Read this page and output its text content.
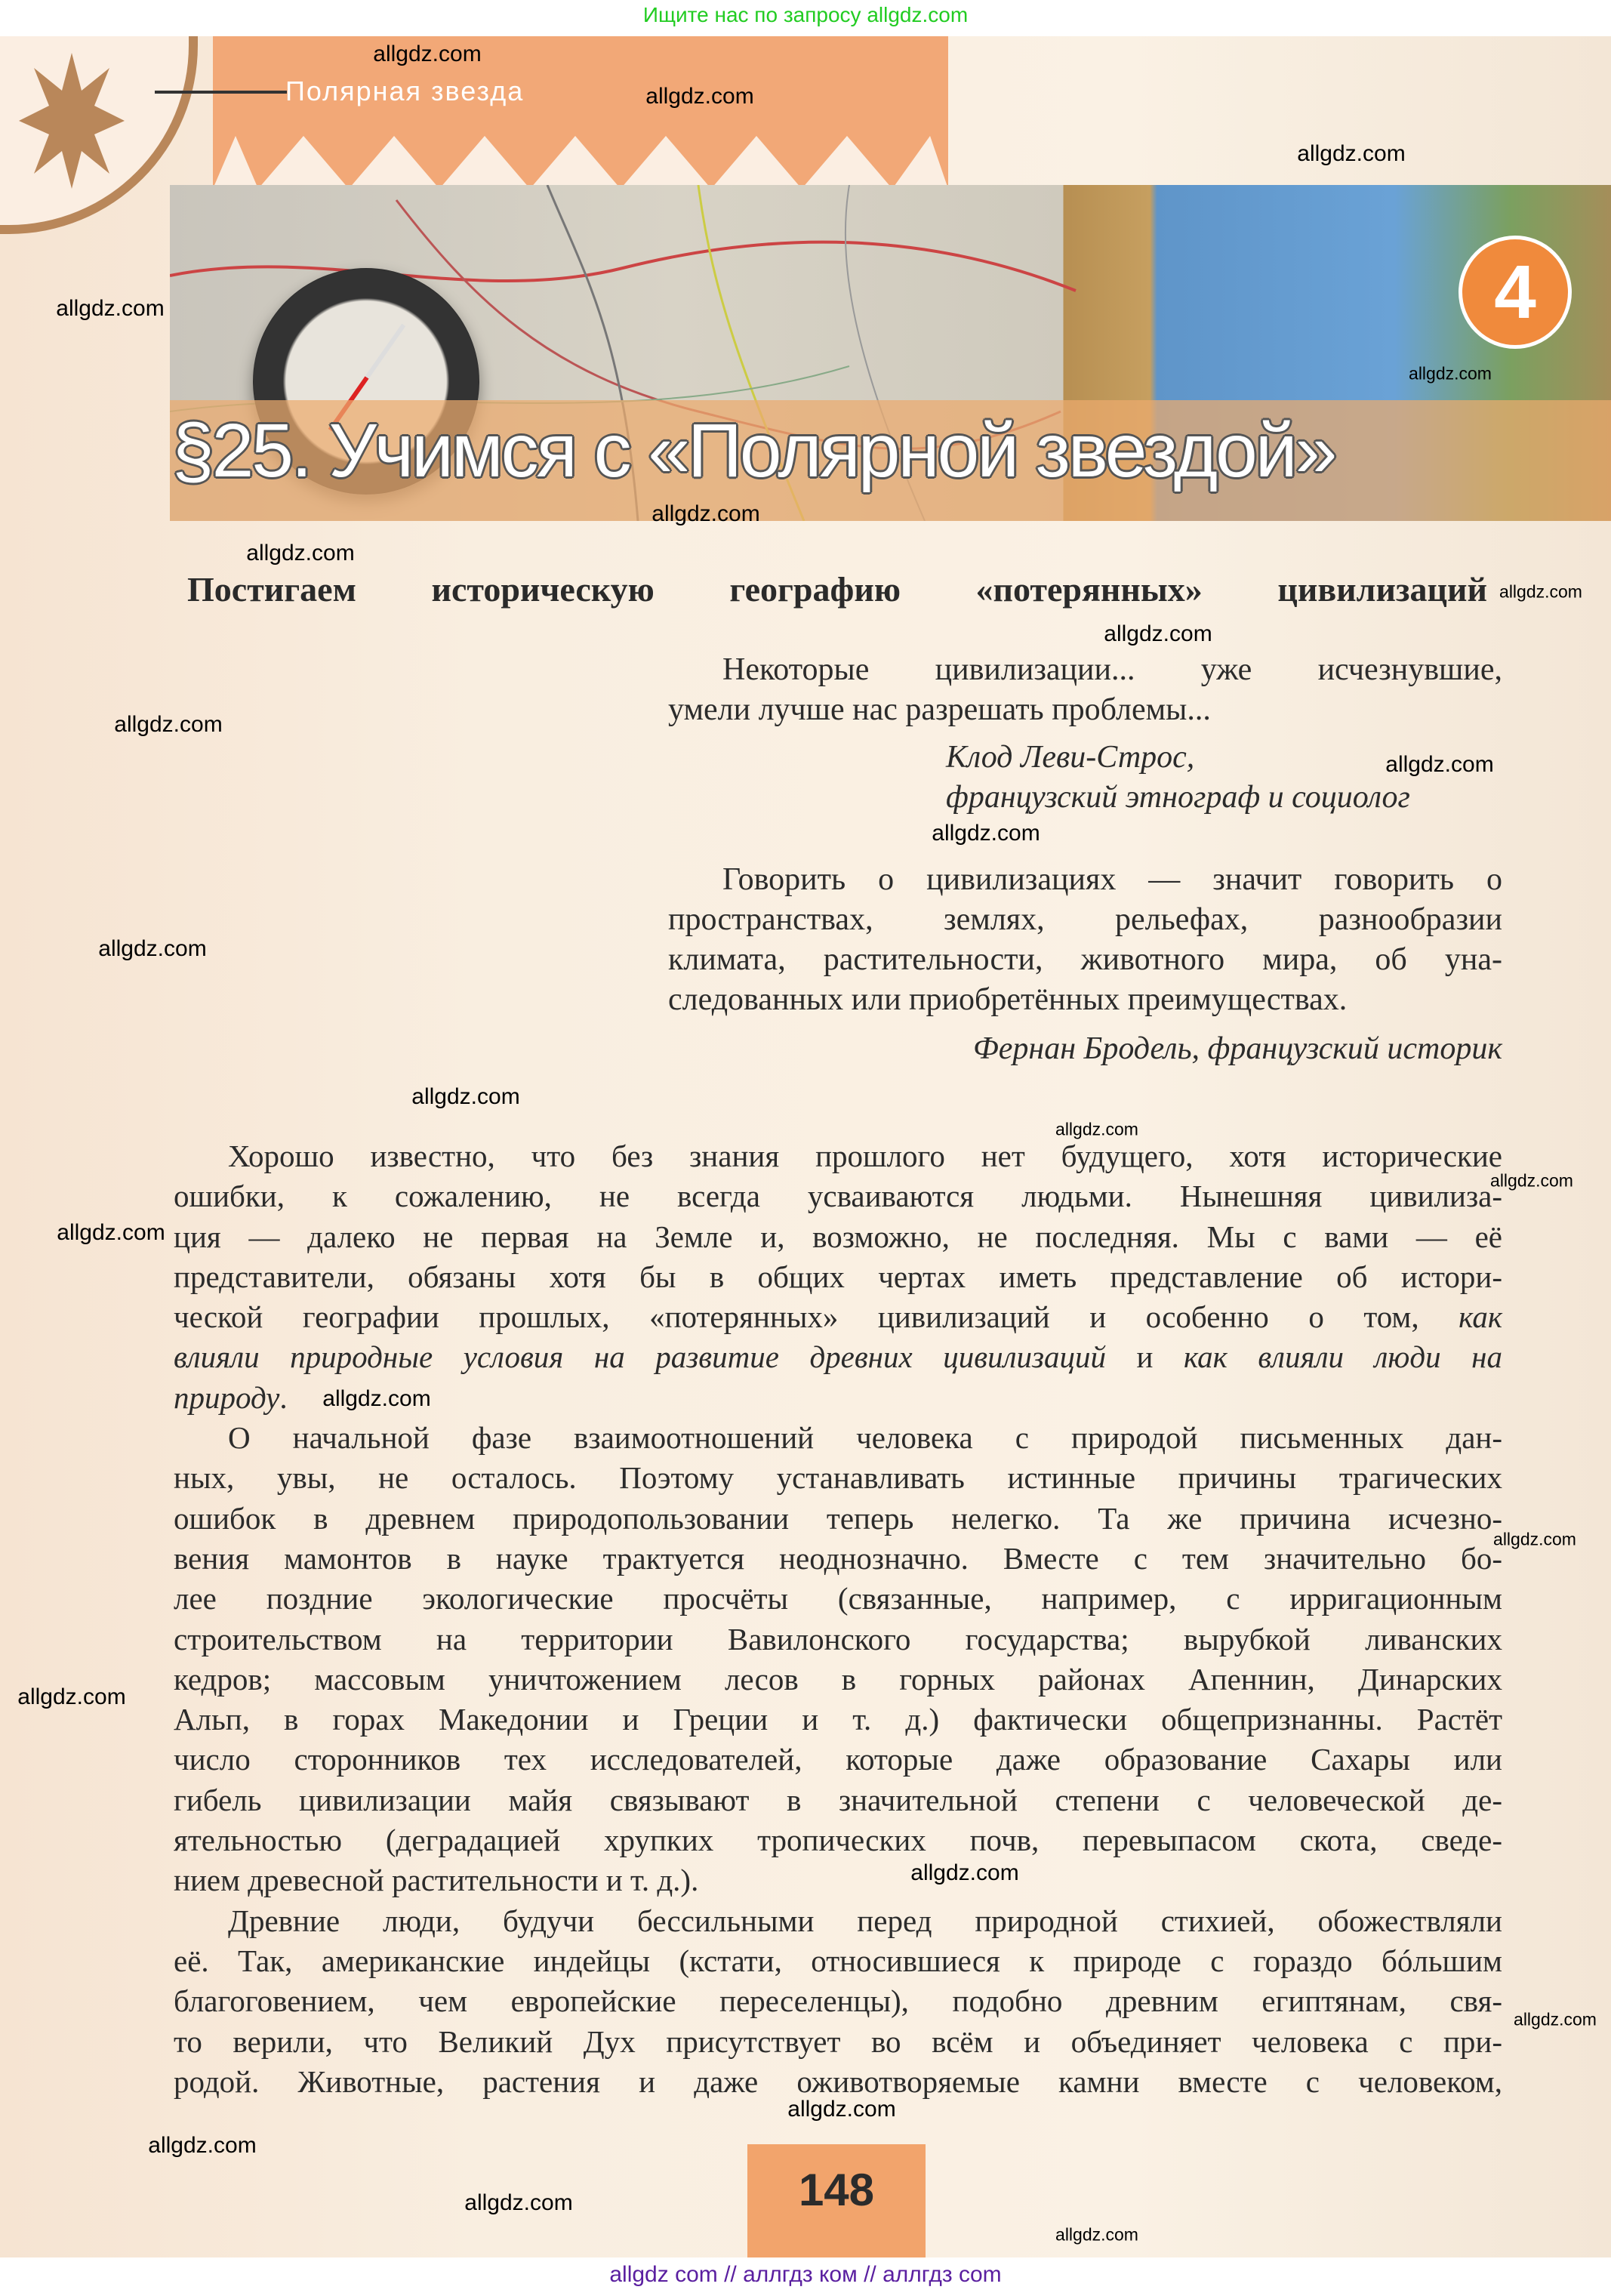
Ищите нас по запросу allgdz.com
Полярная звезда
4
§25. Учимся с «Полярной звездой»
Постигаем историческую географию «потерянных» цивилизаций
Некоторые цивилизации... уже исчезнувшие,
умели лучше нас разрешать проблемы...
Клод Леви-Строс,
французский этнограф и социолог
Говорить о цивилизациях — значит говорить о
пространствах, землях, рельефах, разнообразии
климата, растительности, животного мира, об уна-
следованных или приобретённых преимуществах.
Фернан Бродель, французский историк
Хорошо известно, что без знания прошлого нет будущего, хотя исторические
ошибки, к сожалению, не всегда усваиваются людьми. Нынешняя цивилиза-
ция — далеко не первая на Земле и, возможно, не последняя. Мы с вами — её
представители, обязаны хотя бы в общих чертах иметь представление об истори-
ческой географии прошлых, «потерянных» цивилизаций и особенно о том, как
влияли природные условия на развитие древних цивилизаций и как влияли люди на
природу.
О начальной фазе взаимоотношений человека с природой письменных дан-
ных, увы, не осталось. Поэтому устанавливать истинные причины трагических
ошибок в древнем природопользовании теперь нелегко. Та же причина исчезно-
вения мамонтов в науке трактуется неоднозначно. Вместе с тем значительно бо-
лее поздние экологические просчёты (связанные, например, с ирригационным
строительством на территории Вавилонского государства; вырубкой ливанских
кедров; массовым уничтожением лесов в горных районах Апеннин, Динарских
Альп, в горах Македонии и Греции и т. д.) фактически общепризнанны. Растёт
число сторонников тех исследователей, которые даже образование Сахары или
гибель цивилизации майя связывают в значительной степени с человеческой де-
ятельностью (деградацией хрупких тропических почв, перевыпасом скота, сведе-
нием древесной растительности и т. д.).
Древние люди, будучи бессильными перед природной стихией, обожествляли
её. Так, американские индейцы (кстати, относившиеся к природе с гораздо бóльшим
благоговением, чем европейские переселенцы), подобно древним египтянам, свя-
то верили, что Великий Дух присутствует во всём и объединяет человека с при-
родой. Животные, растения и даже оживотворяемые камни вместе с человеком,
148
allgdz com // аллгдз ком // аллгдз com
allgdz.com
allgdz.com
allgdz.com
allgdz.com
allgdz.com
allgdz.com
allgdz.com
allgdz.com
allgdz.com
allgdz.com
allgdz.com
allgdz.com
allgdz.com
allgdz.com
allgdz.com
allgdz.com
allgdz.com
allgdz.com
allgdz.com
allgdz.com
allgdz.com
allgdz.com
allgdz.com
allgdz.com
allgdz.com
allgdz.com
